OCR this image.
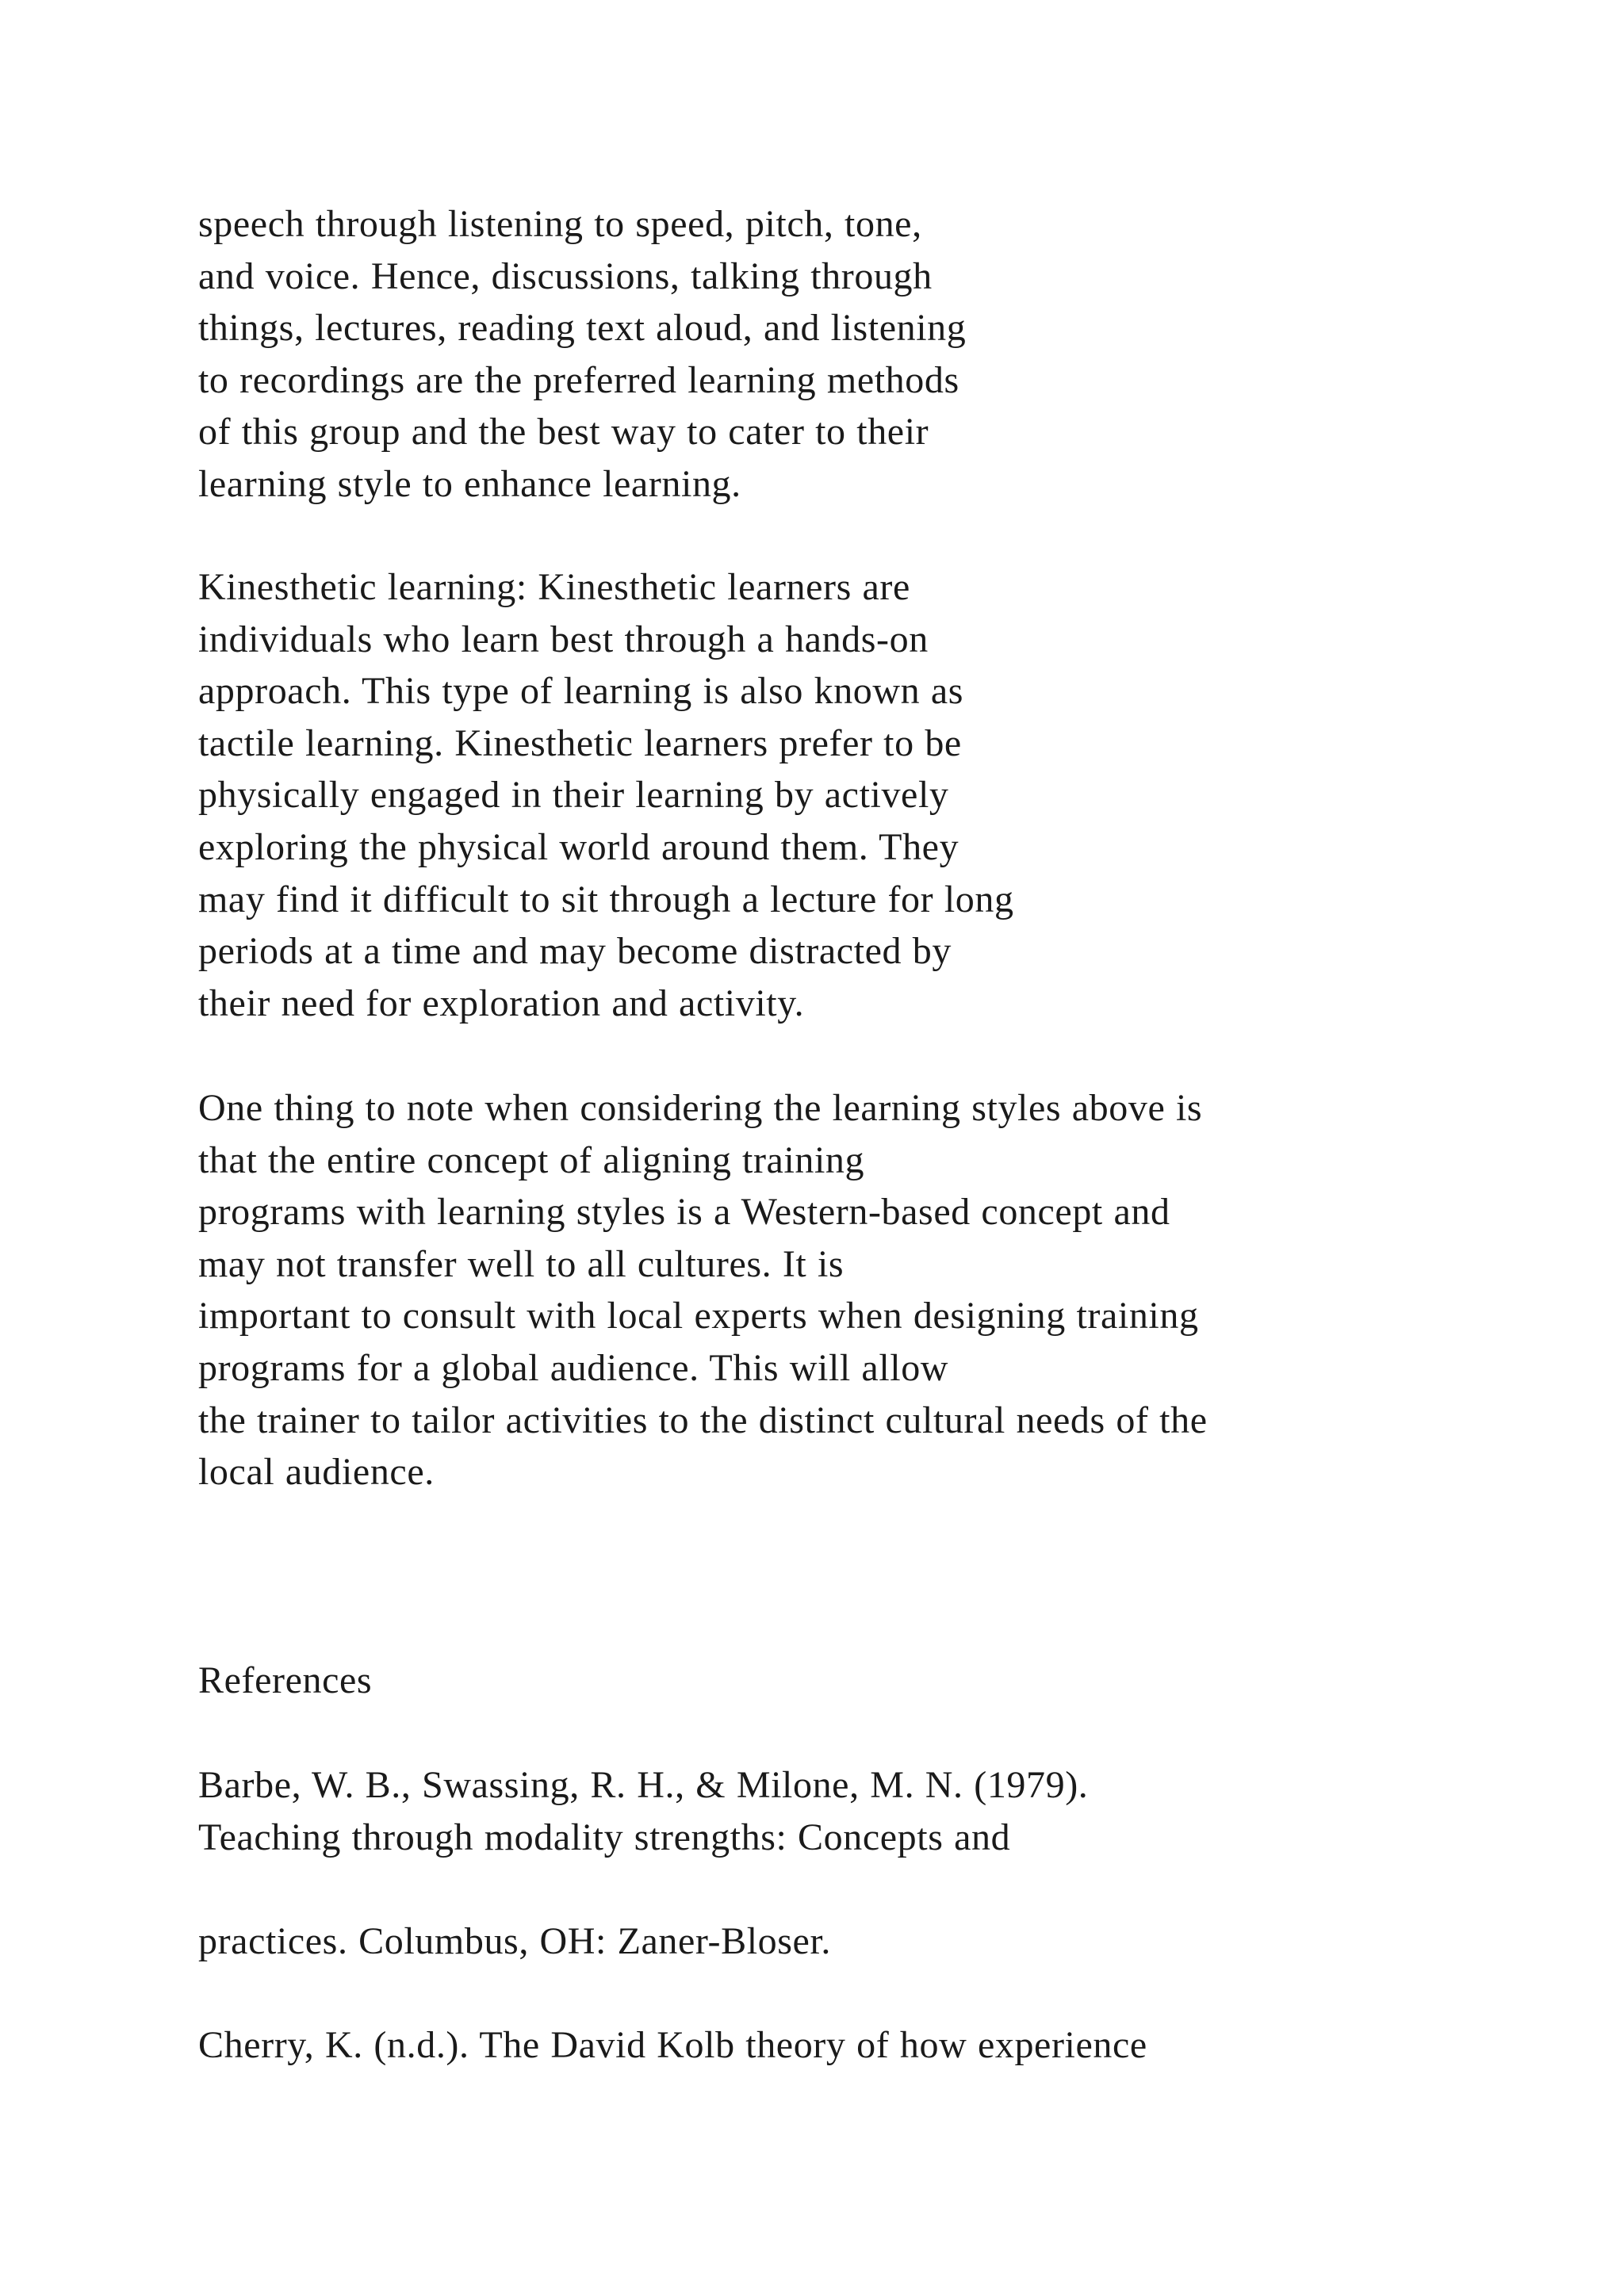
speech through listening to speed, pitch, tone,
and voice. Hence, discussions, talking through
things, lectures, reading text aloud, and listening
to recordings are the preferred learning methods
of this group and the best way to cater to their
learning style to enhance learning.
Kinesthetic learning: Kinesthetic learners are
individuals who learn best through a hands-on
approach. This type of learning is also known as
tactile learning. Kinesthetic learners prefer to be
physically engaged in their learning by actively
exploring the physical world around them. They
may find it difficult to sit through a lecture for long
periods at a time and may become distracted by
their need for exploration and activity.
One thing to note when considering the learning styles above is
that the entire concept of aligning training
programs with learning styles is a Western-based concept and
may not transfer well to all cultures. It is
important to consult with local experts when designing training
programs for a global audience. This will allow
the trainer to tailor activities to the distinct cultural needs of the
local audience.
References
Barbe, W. B., Swassing, R. H., & Milone, M. N. (1979).
Teaching through modality strengths: Concepts and
practices. Columbus, OH: Zaner-Bloser.
Cherry, K. (n.d.). The David Kolb theory of how experience
